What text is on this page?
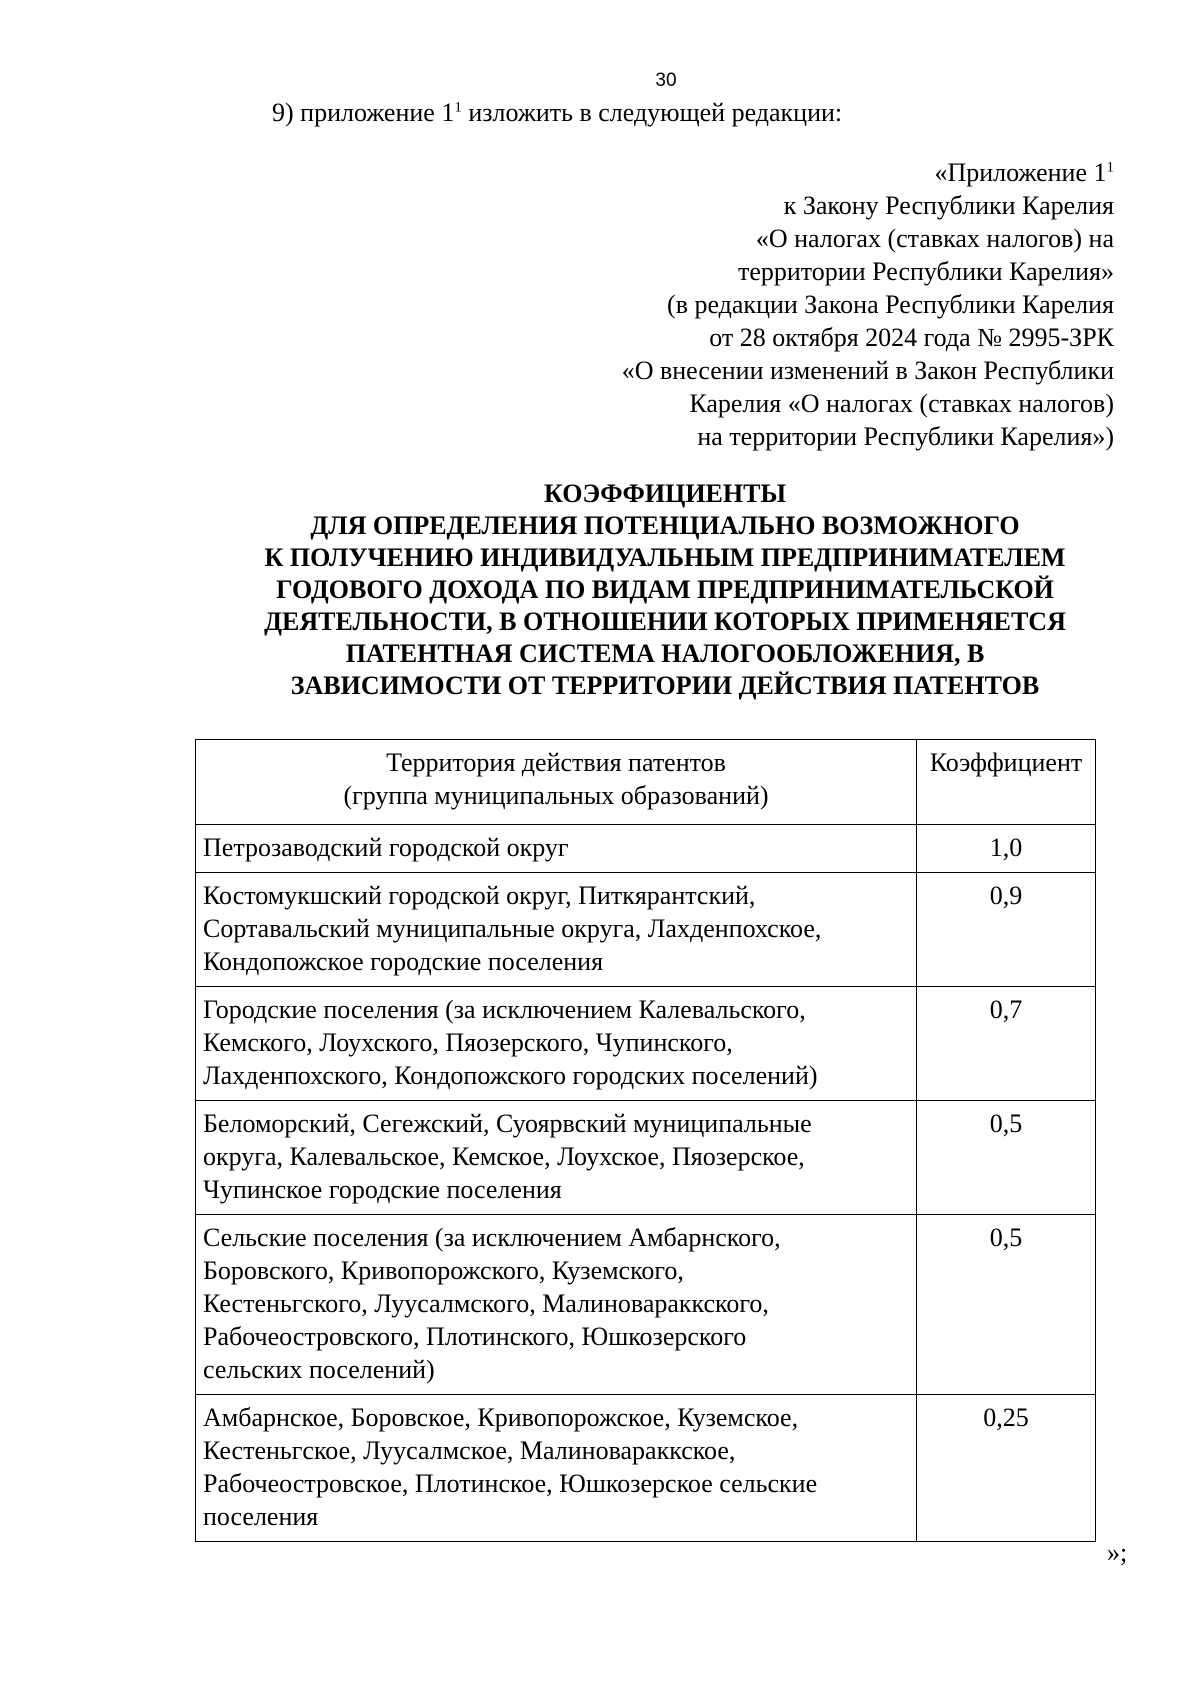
30
9) приложение $1^1$ изложить в следующей редакции:
«Приложение $1^1$
к Закону Республики Карелия
«О налогах (ставках налогов) на
территории Республики Карелия»
(в редакции Закона Республики Карелия
от 28 октября 2024 года № 2995-ЗРК
«О внесении изменений в Закон Республики
Карелия «О налогах (ставках налогов)
на территории Республики Карелия»)
КОЭФФИЦИЕНТЫ
ДЛЯ ОПРЕДЕЛЕНИЯ ПОТЕНЦИАЛЬНО ВОЗМОЖНОГО
К ПОЛУЧЕНИЮ ИНДИВИДУАЛЬНЫМ ПРЕДПРИНИМАТЕЛЕМ
ГОДОВОГО ДОХОДА ПО ВИДАМ ПРЕДПРИНИМАТЕЛЬСКОЙ
ДЕЯТЕЛЬНОСТИ, В ОТНОШЕНИИ КОТОРЫХ ПРИМЕНЯЕТСЯ
ПАТЕНТНАЯ СИСТЕМА НАЛОГООБЛОЖЕНИЯ, В
ЗАВИСИМОСТИ ОТ ТЕРРИТОРИИ ДЕЙСТВИЯ ПАТЕНТОВ
Территория действия патентов
(группа муниципальных образований)	Коэффициент

Петрозаводский городской округ	1,0

Костомукшский городской округ, Питкярантский,
Сортавальский муниципальные округа, Лахденпохское,
Кондопожское городские поселения	0,9

Городские поселения (за исключением Калевальского,
Кемского, Лоухского, Пяозерского, Чупинского,
Лахденпохского, Кондопожского городских поселений)	0,7

Беломорский, Сегежский, Суоярвский муниципальные
округа, Калевальское, Кемское, Лоухское, Пяозерское,
Чупинское городские поселения	0,5

Сельские поселения (за исключением Амбарнского,
Боровского, Кривопорожского, Куземского,
Кестеньгского, Луусалмского, Малиновараккского,
Рабочеостровского, Плотинского, Юшкозерского
сельских поселений)	0,5

Амбарнское, Боровское, Кривопорожское, Куземское,
Кестеньгское, Луусалмское, Малиновараккское,
Рабочеостровское, Плотинское, Юшкозерское сельские
поселения	0,25
»;
